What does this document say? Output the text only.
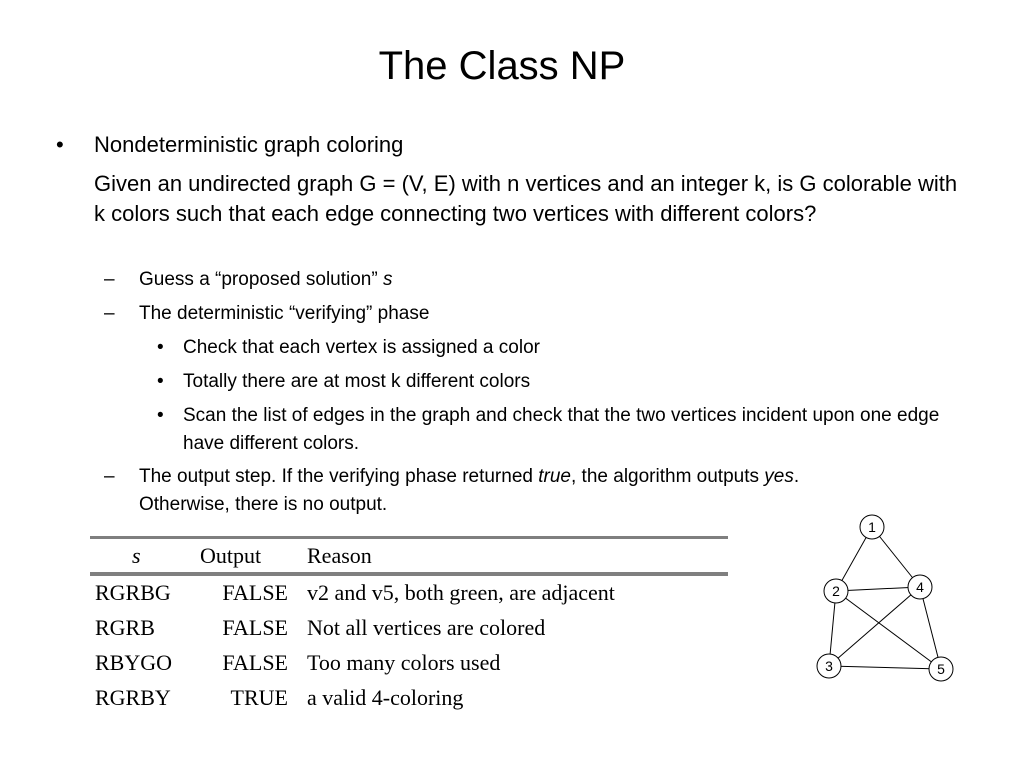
The Class NP
• Nondeterministic graph coloring
Given an undirected graph G = (V, E) with n vertices and an integer k, is G colorable with k colors such that each edge connecting two vertices with different colors?
– Guess a “proposed solution” s
– The deterministic “verifying” phase
• Check that each vertex is assigned a color
• Totally there are at most k different colors
• Scan the list of edges in the graph and check that the two vertices incident upon one edge have different colors.
– The output step. If the verifying phase returned true, the algorithm outputs yes.
Otherwise, there is no output.
s	Output Reason
RGRBG	FALSE v2 and v5, both green, are adjacent
RGRB	FALSE Not all vertices are colored
RBYGO	FALSE Too many colors used
RGRBY	TRUE a valid 4-coloring
1
2
3
4
5
